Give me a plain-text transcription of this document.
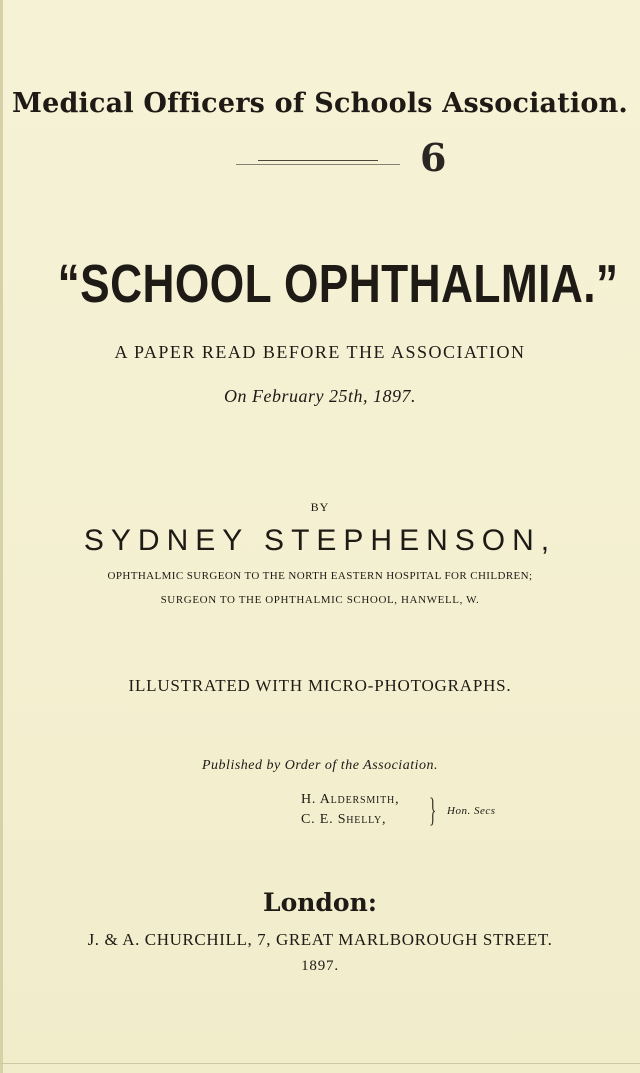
Medical Officers of Schools Association.
6
“SCHOOL OPHTHALMIA.”
A PAPER READ BEFORE THE ASSOCIATION
On February 25th, 1897.
BY
SYDNEY STEPHENSON,
OPHTHALMIC SURGEON TO THE NORTH EASTERN HOSPITAL FOR CHILDREN;
SURGEON TO THE OPHTHALMIC SCHOOL, HANWELL, W.
ILLUSTRATED WITH MICRO-PHOTOGRAPHS.
Published by Order of the Association.
H. Aldersmith,
C. E. Shelly, } Hon. Secs
London:
J. & A. CHURCHILL, 7, GREAT MARLBOROUGH STREET.
1897.
